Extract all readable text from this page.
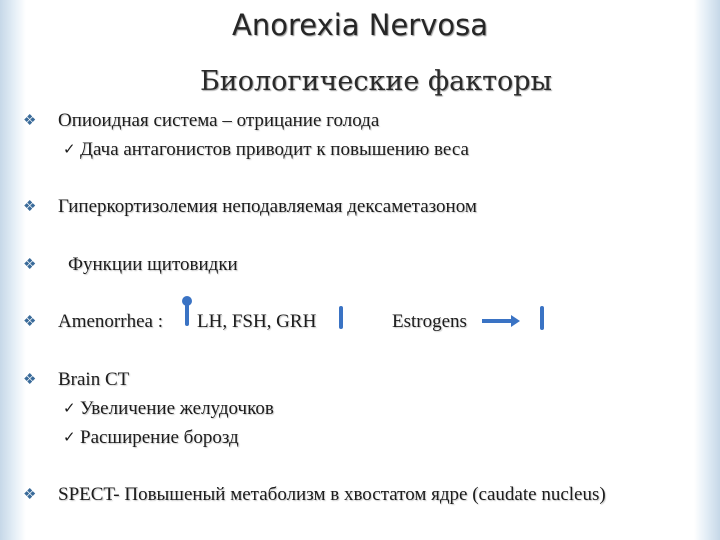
Anorexia Nervosa
Биологические факторы
❖ Опиоидная система – отрицание голода
✓ Дача антагонистов приводит к повышению веса
❖ Гиперкортизолемия неподавляемая дексаметазоном
❖ Функции щитовидки
❖ Amenorrhea : LH, FSH, GRH	Estrogens
❖ Brain CT
✓ Увеличение желудочков
✓ Расширение борозд
❖ SPECT- Повышеный метаболизм в хвостатом ядре (caudate nucleus)
